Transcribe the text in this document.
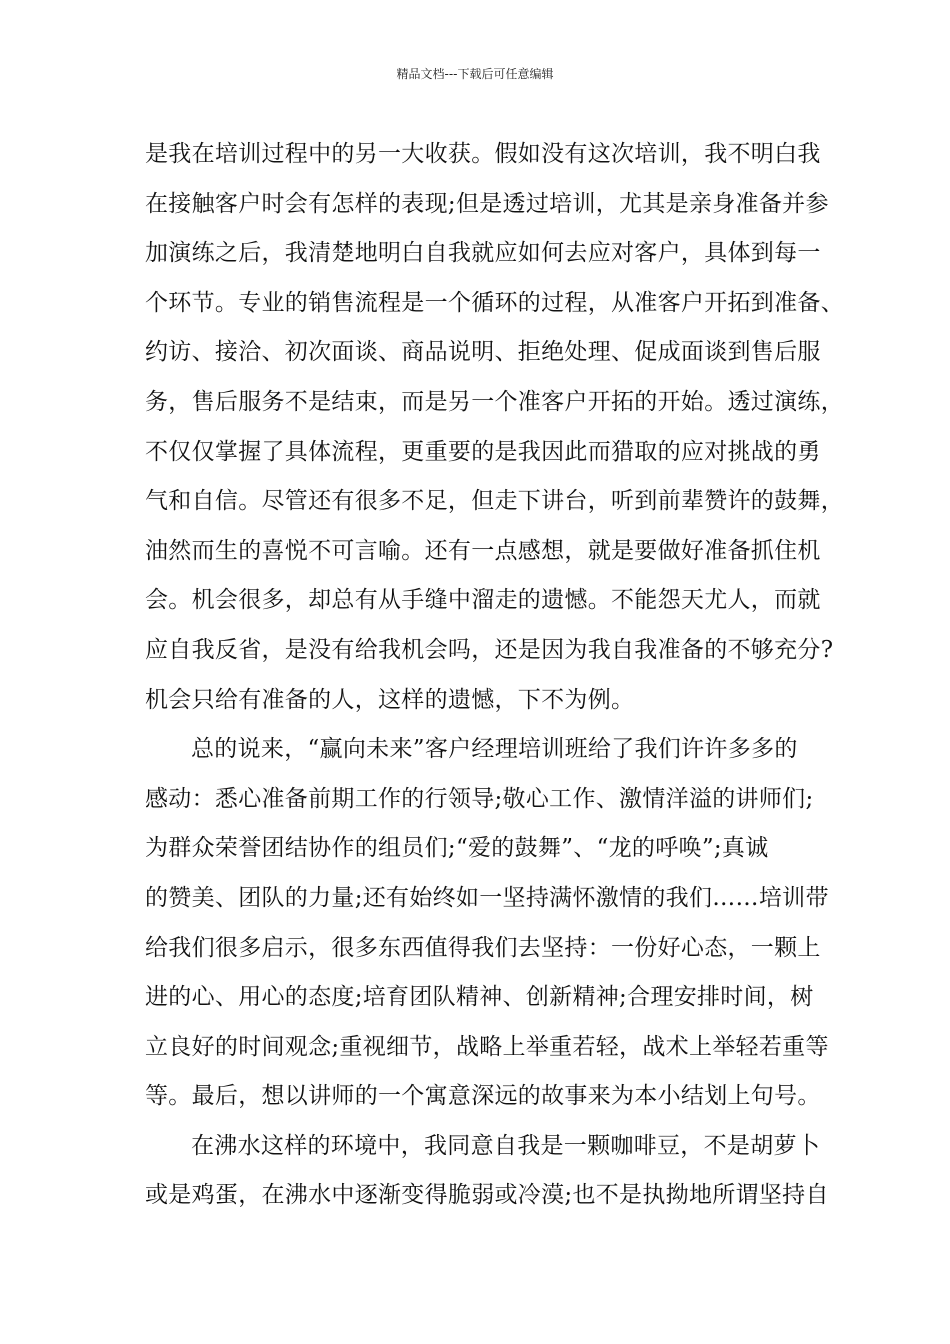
精品文档---下载后可任意编辑
是我在培训过程中的另一大收获。假如没有这次培训，我不明白我
在接触客户时会有怎样的表现;但是透过培训，尤其是亲身准备并参
加演练之后，我清楚地明白自我就应如何去应对客户，具体到每一
个环节。专业的销售流程是一个循环的过程，从准客户开拓到准备、
约访、接洽、初次面谈、商品说明、拒绝处理、促成面谈到售后服
务，售后服务不是结束，而是另一个准客户开拓的开始。透过演练，
不仅仅掌握了具体流程，更重要的是我因此而猎取的应对挑战的勇
气和自信。尽管还有很多不足，但走下讲台，听到前辈赞许的鼓舞，
油然而生的喜悦不可言喻。还有一点感想，就是要做好准备抓住机
会。机会很多，却总有从手缝中溜走的遗憾。不能怨天尤人，而就
应自我反省，是没有给我机会吗，还是因为我自我准备的不够充分?
机会只给有准备的人，这样的遗憾，下不为例。
总的说来，“赢向未来”客户经理培训班给了我们许许多多的
感动：悉心准备前期工作的行领导;敬心工作、激情洋溢的讲师们;
为群众荣誉团结协作的组员们;“爱的鼓舞”、“龙的呼唤”;真诚
的赞美、团队的力量;还有始终如一坚持满怀激情的我们……培训带
给我们很多启示，很多东西值得我们去坚持：一份好心态，一颗上
进的心、用心的态度;培育团队精神、创新精神;合理安排时间，树
立良好的时间观念;重视细节，战略上举重若轻，战术上举轻若重等
等。最后，想以讲师的一个寓意深远的故事来为本小结划上句号。
在沸水这样的环境中，我同意自我是一颗咖啡豆，不是胡萝卜
或是鸡蛋，在沸水中逐渐变得脆弱或冷漠;也不是执拗地所谓坚持自
